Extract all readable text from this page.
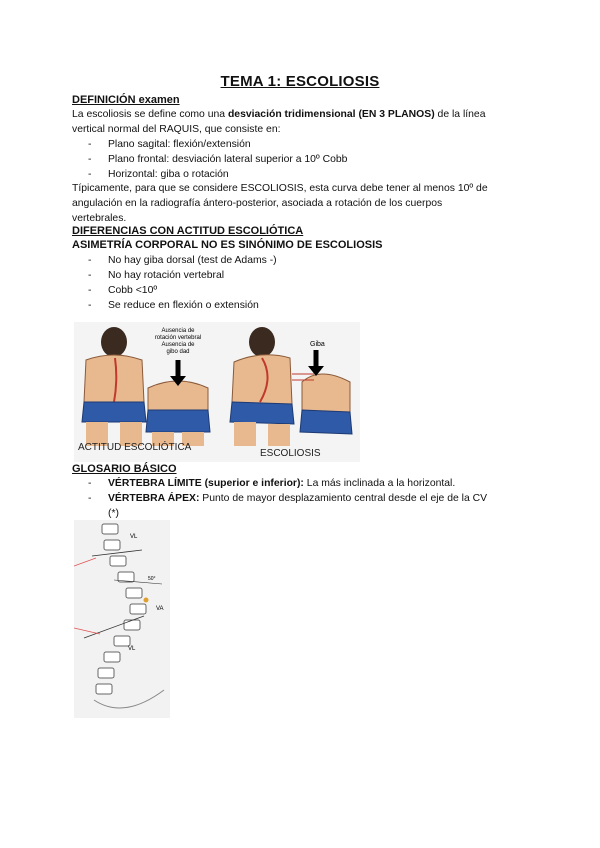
TEMA 1: ESCOLIOSIS
DEFINICIÓN examen
La escoliosis se define como una desviación tridimensional (EN 3 PLANOS) de la línea
vertical normal del RAQUIS, que consiste en:
- Plano sagital: flexión/extensión
- Plano frontal: desviación lateral superior a 10º Cobb
- Horizontal: giba o rotación
Típicamente, para que se considere ESCOLIOSIS, esta curva debe tener al menos 10º de
angulación en la radiografía ántero-posterior, asociada a rotación de los cuerpos
vertebrales.
DIFERENCIAS CON ACTITUD ESCOLIÓTICA
ASIMETRÍA CORPORAL NO ES SINÓNIMO DE ESCOLIOSIS
- No hay giba dorsal (test de Adams -)
- No hay rotación vertebral
- Cobb <10º
- Se reduce en flexión o extensión
Ausencia de
rotación vertebral
Ausencia de
gibo dad
Giba
ACTITUD ESCOLIÓTICA
ESCOLIOSIS
GLOSARIO BÁSICO
- VÉRTEBRA LÍMITE (superior e inferior): La más inclinada a la horizontal.
- VÉRTEBRA ÁPEX: Punto de mayor desplazamiento central desde el eje de la CV
(*)
VL
50°
VA
VL
